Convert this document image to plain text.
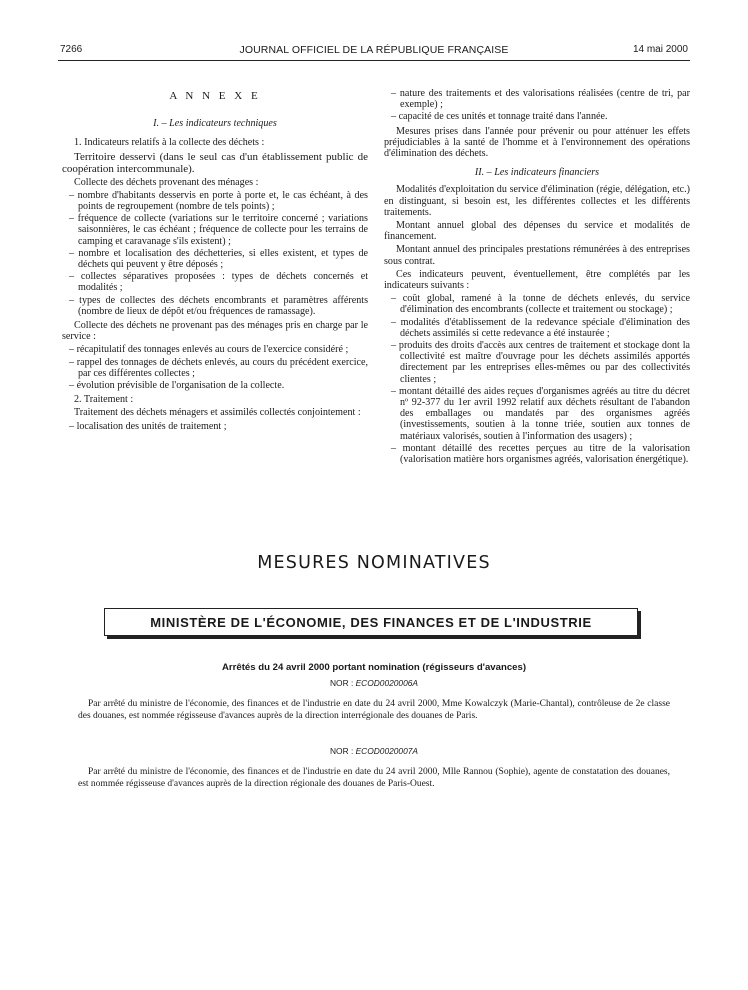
7266	JOURNAL OFFICIEL DE LA RÉPUBLIQUE FRANÇAISE	14 mai 2000
A N N E X E
I. – Les indicateurs techniques

1. Indicateurs relatifs à la collecte des déchets :

Territoire desservi (dans le seul cas d'un établissement public de coopération intercommunale).

Collecte des déchets provenant des ménages :

– nombre d'habitants desservis en porte à porte et, le cas échéant, à des points de regroupement (nombre de tels points) ;
– fréquence de collecte (variations sur le territoire concerné ; variations saisonnières, le cas échéant ; fréquence de collecte pour les terrains de camping et caravanage s'ils existent) ;
– nombre et localisation des déchetteries, si elles existent, et types de déchets qui peuvent y être déposés ;
– collectes séparatives proposées : types de déchets concernés et modalités ;
– types de collectes des déchets encombrants et paramètres afférents (nombre de lieux de dépôt et/ou fréquences de ramassage).

Collecte des déchets ne provenant pas des ménages pris en charge par le service :

– récapitulatif des tonnages enlevés au cours de l'exercice considéré ;
– rappel des tonnages de déchets enlevés, au cours du précédent exercice, par ces différentes collectes ;
– évolution prévisible de l'organisation de la collecte.

2. Traitement :

Traitement des déchets ménagers et assimilés collectés conjointement :

– localisation des unités de traitement ;
– nature des traitements et des valorisations réalisées (centre de tri, par exemple) ;
– capacité de ces unités et tonnage traité dans l'année.

Mesures prises dans l'année pour prévenir ou pour atténuer les effets préjudiciables à la santé de l'homme et à l'environnement des opérations d'élimination des déchets.

II. – Les indicateurs financiers

Modalités d'exploitation du service d'élimination (régie, délégation, etc.) en distinguant, si besoin est, les différentes collectes et les différents traitements.

Montant annuel global des dépenses du service et modalités de financement.

Montant annuel des principales prestations rémunérées à des entreprises sous contrat.

Ces indicateurs peuvent, éventuellement, être complétés par les indicateurs suivants :

– coût global, ramené à la tonne de déchets enlevés, du service d'élimination des encombrants (collecte et traitement ou stockage) ;
– modalités d'établissement de la redevance spéciale d'élimination des déchets assimilés si cette redevance a été instaurée ;
– produits des droits d'accès aux centres de traitement et stockage dont la collectivité est maître d'ouvrage pour les déchets assimilés apportés directement par les entreprises elles-mêmes ou par des collectivités clientes ;
– montant détaillé des aides reçues d'organismes agréés au titre du décret nº 92-377 du 1er avril 1992 relatif aux déchets résultant de l'abandon des emballages ou mandatés par des organismes agréés (investissements, soutien à la tonne triée, soutien aux tonnes de matériaux valorisés, soutien à l'information des usagers) ;
– montant détaillé des recettes perçues au titre de la valorisation (valorisation matière hors organismes agréés, valorisation énergétique).
MESURES NOMINATIVES
MINISTÈRE DE L'ÉCONOMIE, DES FINANCES ET DE L'INDUSTRIE
Arrêtés du 24 avril 2000 portant nomination (régisseurs d'avances)
NOR : ECOD0020006A

Par arrêté du ministre de l'économie, des finances et de l'industrie en date du 24 avril 2000, Mme Kowalczyk (Marie-Chantal), contrôleuse de 2e classe des douanes, est nommée régisseuse d'avances auprès de la direction interrégionale des douanes de Paris.

NOR : ECOD0020007A

Par arrêté du ministre de l'économie, des finances et de l'industrie en date du 24 avril 2000, Mlle Rannou (Sophie), agente de constatation des douanes, est nommée régisseuse d'avances auprès de la direction régionale des douanes de Paris-Ouest.
